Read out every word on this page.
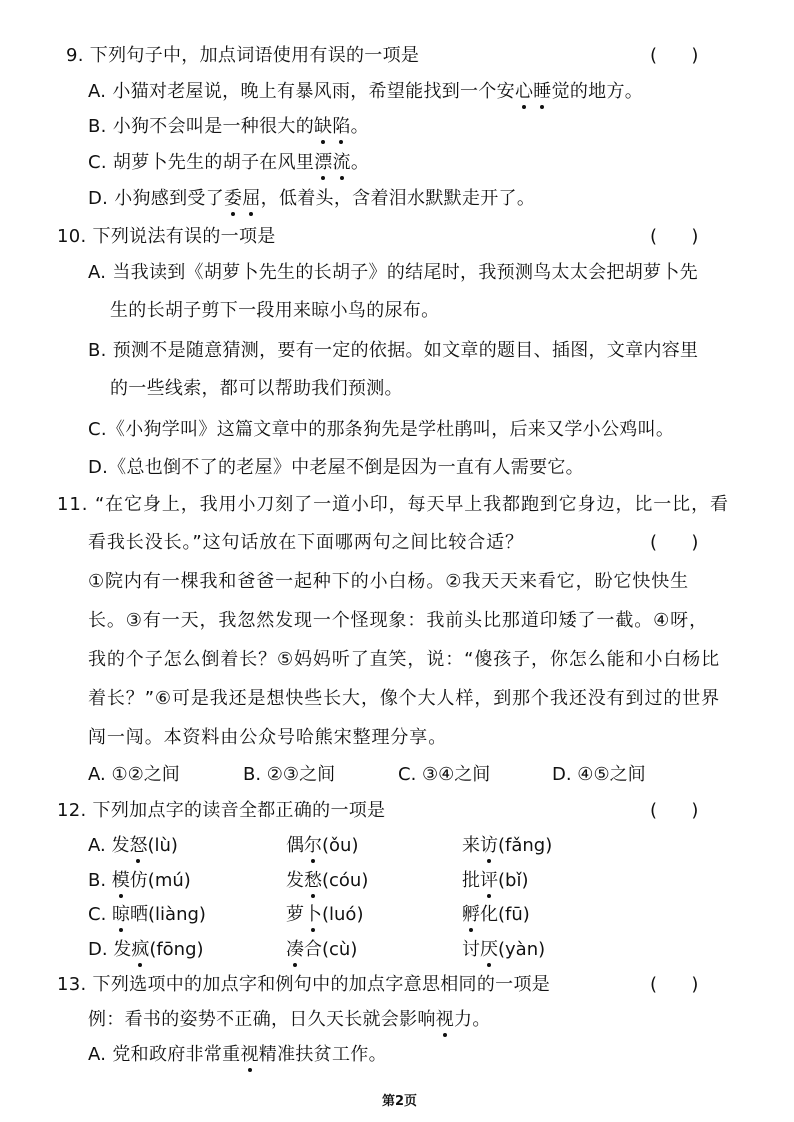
9. 下列句子中，加点词语使用有误的一项是	(      )
A. 小猫对老屋说，晚上有暴风雨，希望能找到一个安心睡觉的地方。
B. 小狗不会叫是一种很大的缺陷。
C. 胡萝卜先生的胡子在风里漂流。
D. 小狗感到受了委屈，低着头，含着泪水默默走开了。
10. 下列说法有误的一项是	(      )
A. 当我读到《胡萝卜先生的长胡子》的结尾时，我预测鸟太太会把胡萝卜先
生的长胡子剪下一段用来晾小鸟的尿布。
B. 预测不是随意猜测，要有一定的依据。如文章的题目、插图，文章内容里
的一些线索，都可以帮助我们预测。
C.《小狗学叫》这篇文章中的那条狗先是学杜鹃叫，后来又学小公鸡叫。
D.《总也倒不了的老屋》中老屋不倒是因为一直有人需要它。
11. “在它身上，我用小刀刻了一道小印，每天早上我都跑到它身边，比一比，看
看我长没长。”这句话放在下面哪两句之间比较合适？	(      )
①院内有一棵我和爸爸一起种下的小白杨。②我天天来看它，盼它快快生
长。③有一天，我忽然发现一个怪现象：我前头比那道印矮了一截。④呀，
我的个子怎么倒着长？⑤妈妈听了直笑，说：“傻孩子，你怎么能和小白杨比
着长？”⑥可是我还是想快些长大，像个大人样，到那个我还没有到过的世界
闯一闯。本资料由公众号哈熊宋整理分享。
A. ①②之间	B. ②③之间	C. ③④之间	D. ④⑤之间
12. 下列加点字的读音全都正确的一项是	(      )
A. 发怒(lù)	偶尔(ǒu)	来访(fǎng)
B. 模仿(mú)	发愁(cóu)	批评(bǐ)
C. 晾晒(liàng)	萝卜(luó)	孵化(fū)
D. 发疯(fōng)	凑合(cù)	讨厌(yàn)
13. 下列选项中的加点字和例句中的加点字意思相同的一项是	(      )
例：看书的姿势不正确，日久天长就会影响视力。
A. 党和政府非常重视精准扶贫工作。
第2页
